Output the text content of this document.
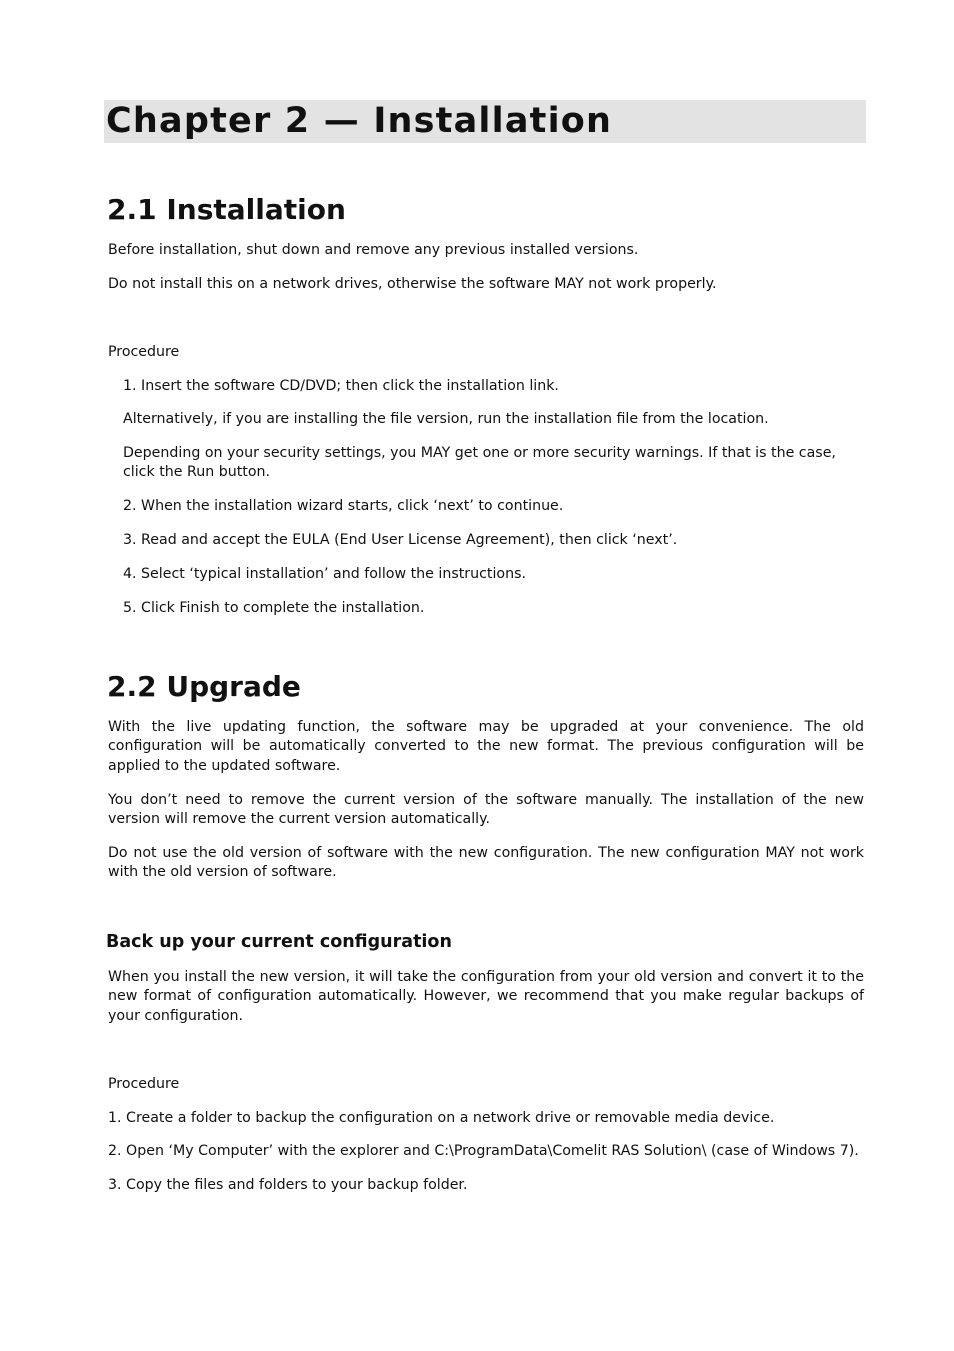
Chapter 2 — Installation
2.1 Installation

Before installation, shut down and remove any previous installed versions.

Do not install this on a network drives, otherwise the software MAY not work properly.

Procedure

1. Insert the software CD/DVD; then click the installation link.

Alternatively, if you are installing the file version, run the installation file from the location.

Depending on your security settings, you MAY get one or more security warnings. If that is the case, click the Run button.

2. When the installation wizard starts, click ‘next’ to continue.

3. Read and accept the EULA (End User License Agreement), then click ‘next’.

4. Select ‘typical installation’ and follow the instructions.

5. Click Finish to complete the installation.

2.2 Upgrade

With the live updating function, the software may be upgraded at your convenience. The old configuration will be automatically converted to the new format. The previous configuration will be applied to the updated software.

You don’t need to remove the current version of the software manually. The installation of the new version will remove the current version automatically.

Do not use the old version of software with the new configuration. The new configuration MAY not work with the old version of software.

Back up your current configuration

When you install the new version, it will take the configuration from your old version and convert it to the new format of configuration automatically. However, we recommend that you make regular backups of your configuration.

Procedure

1. Create a folder to backup the configuration on a network drive or removable media device.

2. Open ‘My Computer’ with the explorer and C:\ProgramData\Comelit RAS Solution\ (case of Windows 7).

3. Copy the files and folders to your backup folder.
